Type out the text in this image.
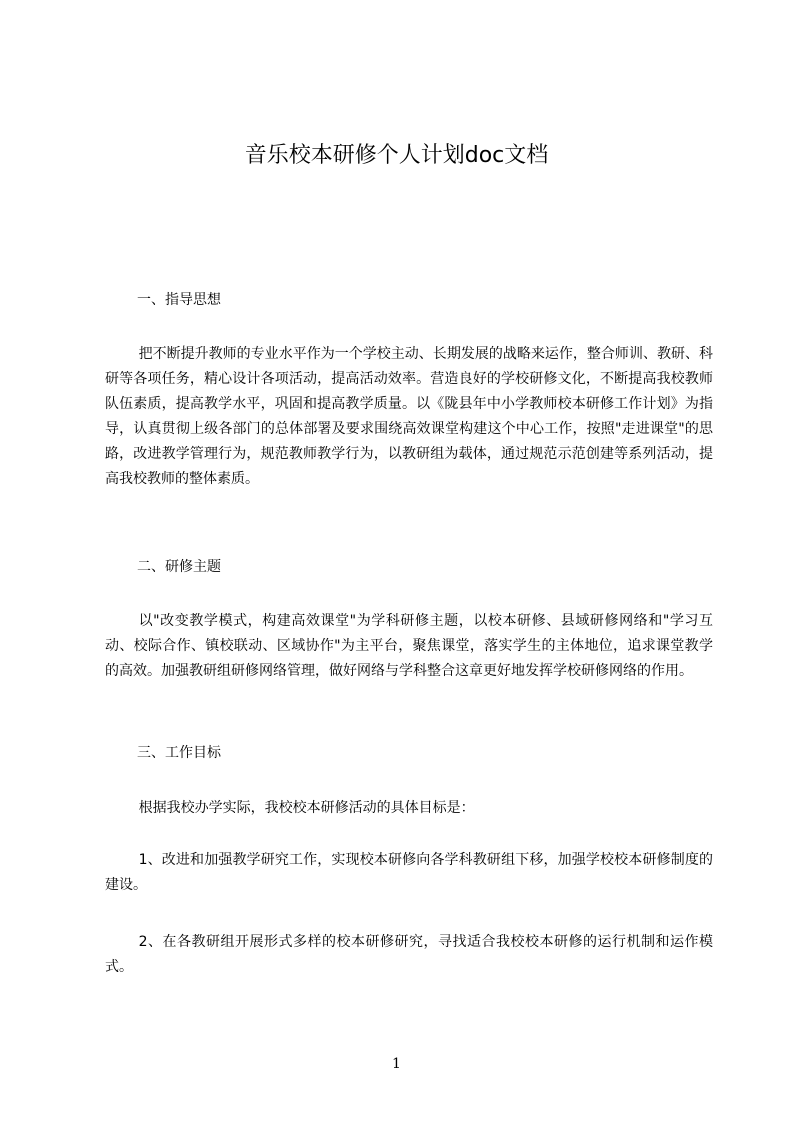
音乐校本研修个人计划doc文档

一、指导思想

把不断提升教师的专业水平作为一个学校主动、长期发展的战略来运作，整合师训、教研、科研等各项任务，精心设计各项活动，提高活动效率。营造良好的学校研修文化，不断提高我校教师队伍素质，提高教学水平，巩固和提高教学质量。以《陇县年中小学教师校本研修工作计划》为指导，认真贯彻上级各部门的总体部署及要求围绕高效课堂构建这个中心工作，按照"走进课堂"的思路，改进教学管理行为，规范教师教学行为，以教研组为载体，通过规范示范创建等系列活动，提高我校教师的整体素质。

二、研修主题

以"改变教学模式，构建高效课堂"为学科研修主题，以校本研修、县域研修网络和"学习互动、校际合作、镇校联动、区域协作"为主平台，聚焦课堂，落实学生的主体地位，追求课堂教学的高效。加强教研组研修网络管理，做好网络与学科整合这章更好地发挥学校研修网络的作用。

三、工作目标

根据我校办学实际，我校校本研修活动的具体目标是：

1、改进和加强教学研究工作，实现校本研修向各学科教研组下移，加强学校校本研修制度的建设。

2、在各教研组开展形式多样的校本研修研究，寻找适合我校校本研修的运行机制和运作模式。

1
